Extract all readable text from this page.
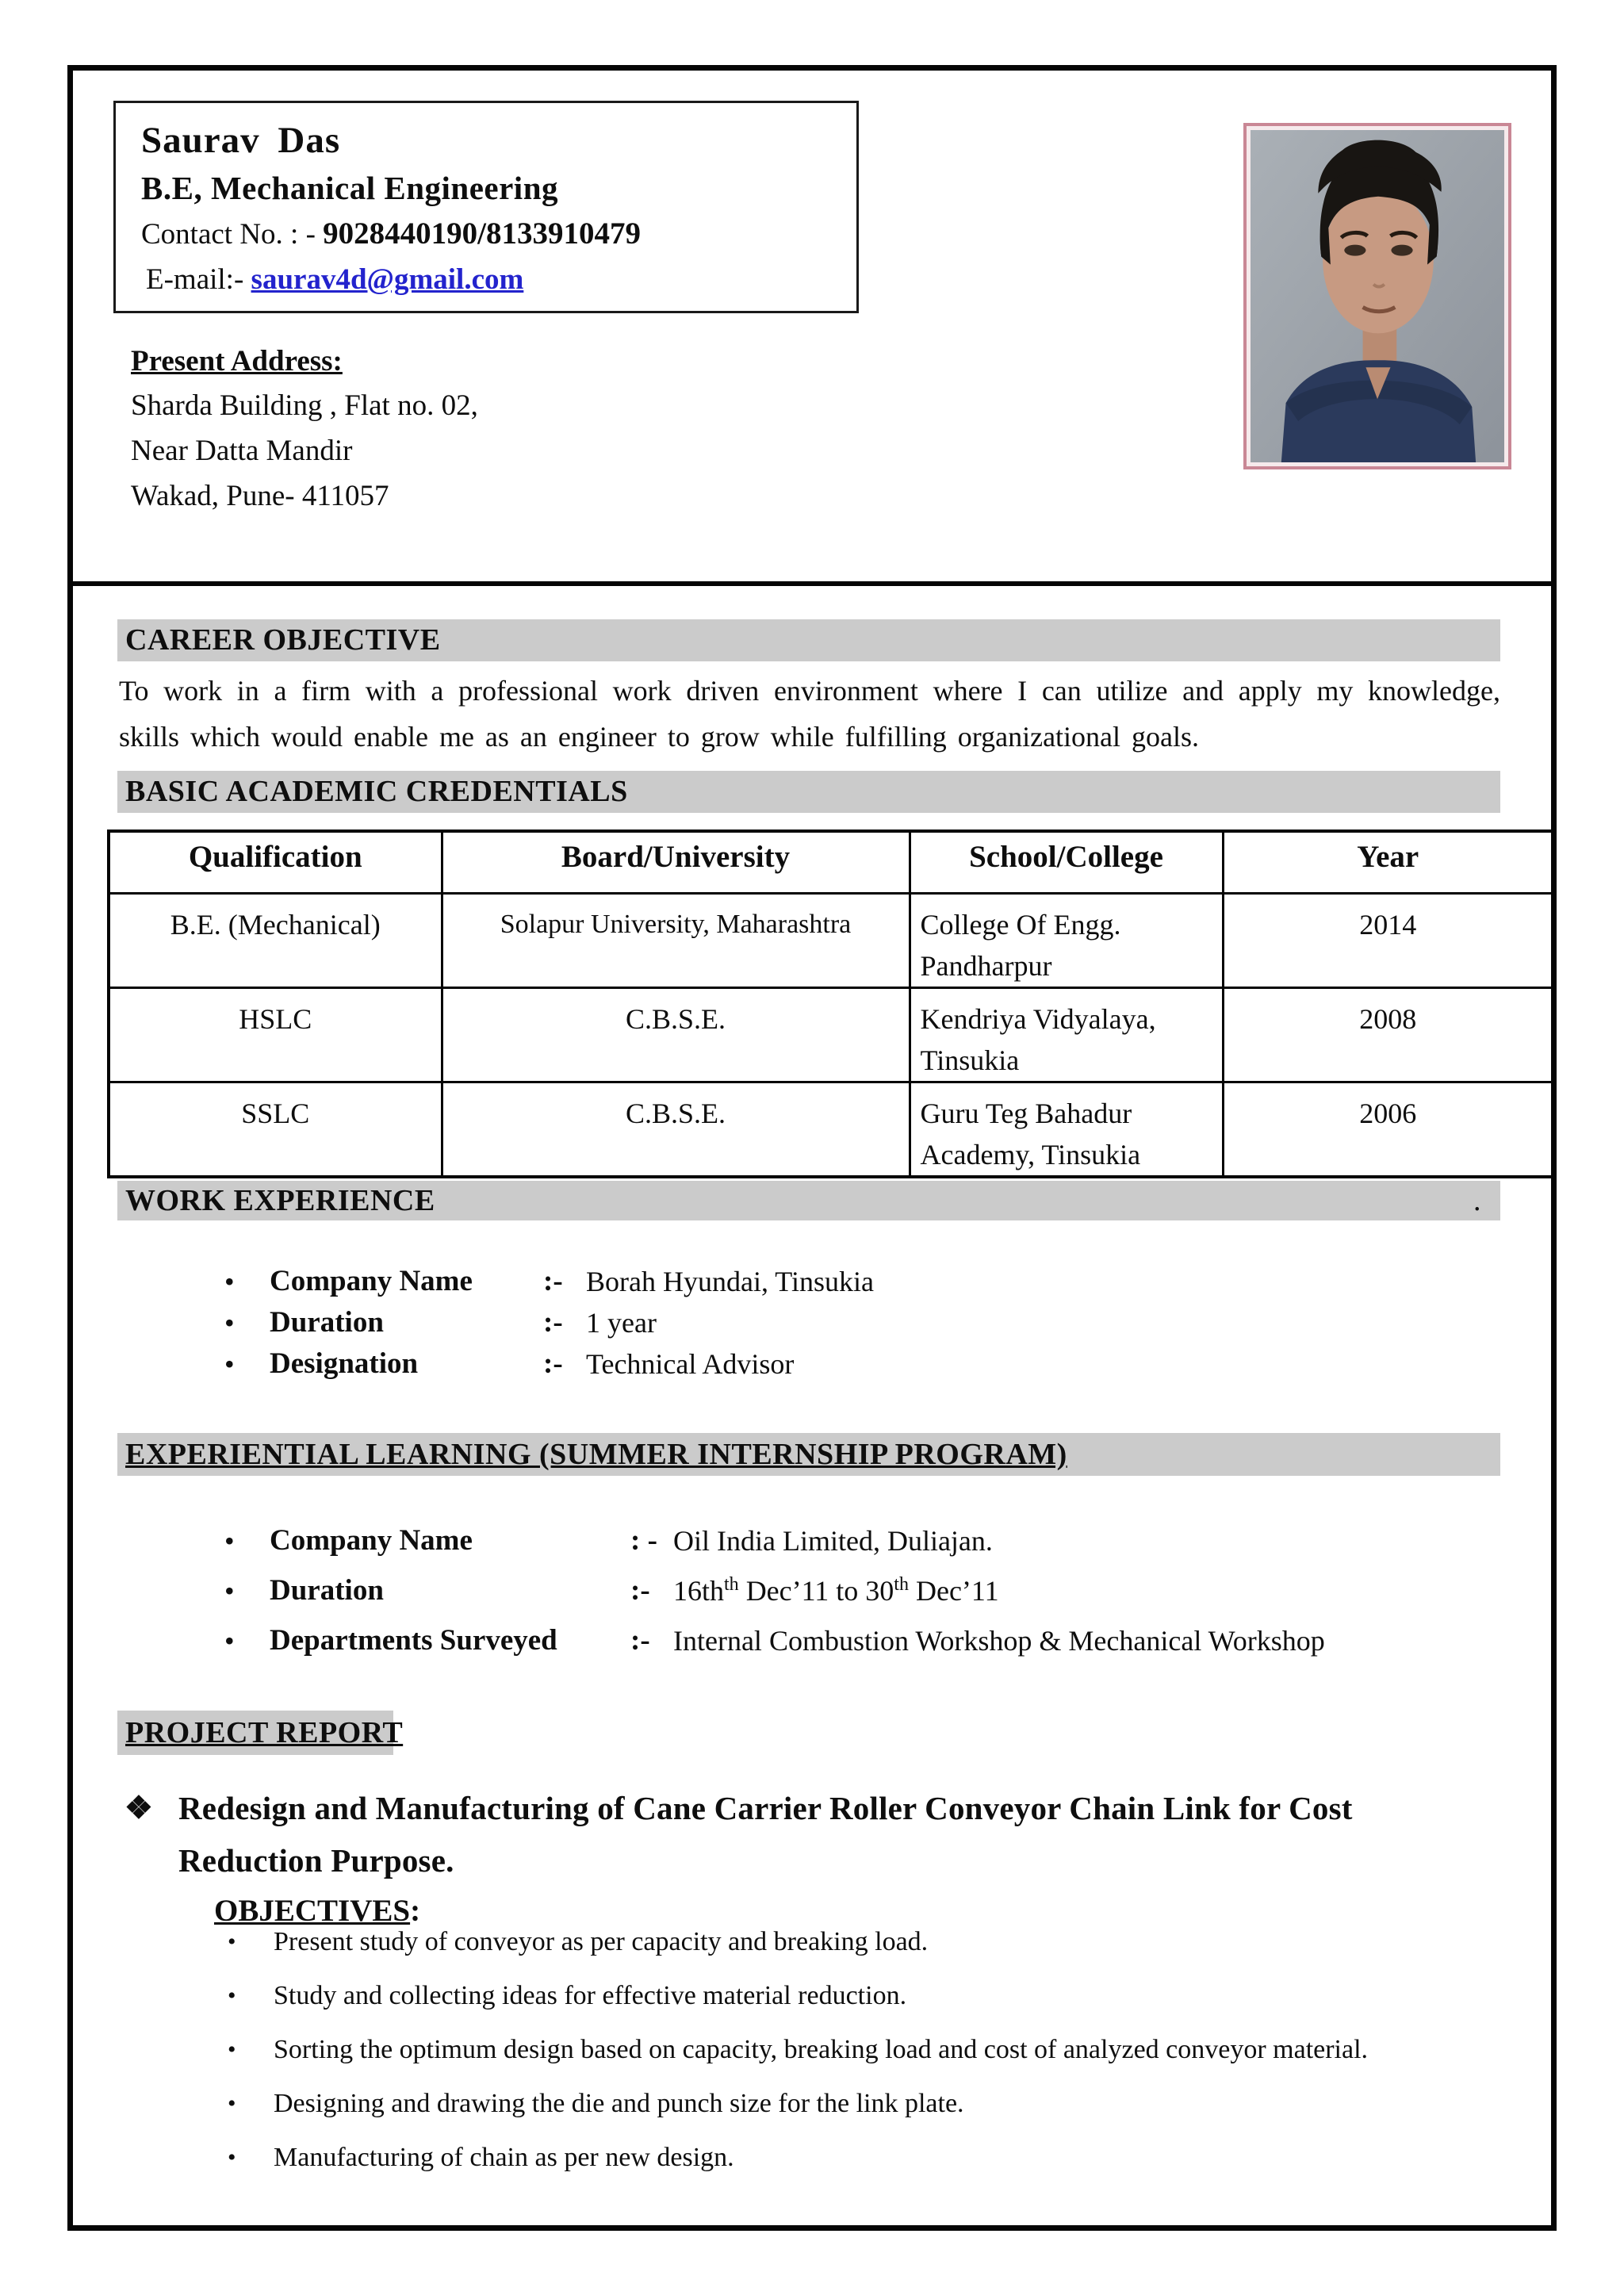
Saurav Das
B.E, Mechanical Engineering
Contact No. : - 9028440190/8133910479
E-mail:- saurav4d@gmail.com
Present Address:
Sharda Building , Flat no. 02,
Near Datta Mandir
Wakad, Pune- 411057
CAREER OBJECTIVE
To work in a firm with a professional work driven environment where I can utilize and apply my knowledge, skills which would enable me as an engineer to grow while fulfilling organizational goals.
BASIC ACADEMIC CREDENTIALS
Qualification	Board/University	School/College	Year
B.E. (Mechanical)	Solapur University, Maharashtra	College Of Engg. Pandharpur	2014
HSLC	C.B.S.E.	Kendriya Vidyalaya, Tinsukia	2008
SSLC	C.B.S.E.	Guru Teg Bahadur Academy, Tinsukia	2006
WORK EXPERIENCE	.
•	Company Name	:- Borah Hyundai, Tinsukia
•	Duration	:- 1 year
•	Designation	:- Technical Advisor
EXPERIENTIAL LEARNING (SUMMER INTERNSHIP PROGRAM)
•	Company Name	: - Oil India Limited, Duliajan.
•	Duration	:- $16th^{th}$ Dec’11 to 30th Dec’11
•	Departments Surveyed	:- Internal Combustion Workshop & Mechanical Workshop
PROJECT REPORT
❖ Redesign and Manufacturing of Cane Carrier Roller Conveyor Chain Link for Cost Reduction Purpose.
OBJECTIVES:
•	Present study of conveyor as per capacity and breaking load.
•	Study and collecting ideas for effective material reduction.
•	Sorting the optimum design based on capacity, breaking load and cost of analyzed conveyor material.
•	Designing and drawing the die and punch size for the link plate.
•	Manufacturing of chain as per new design.
